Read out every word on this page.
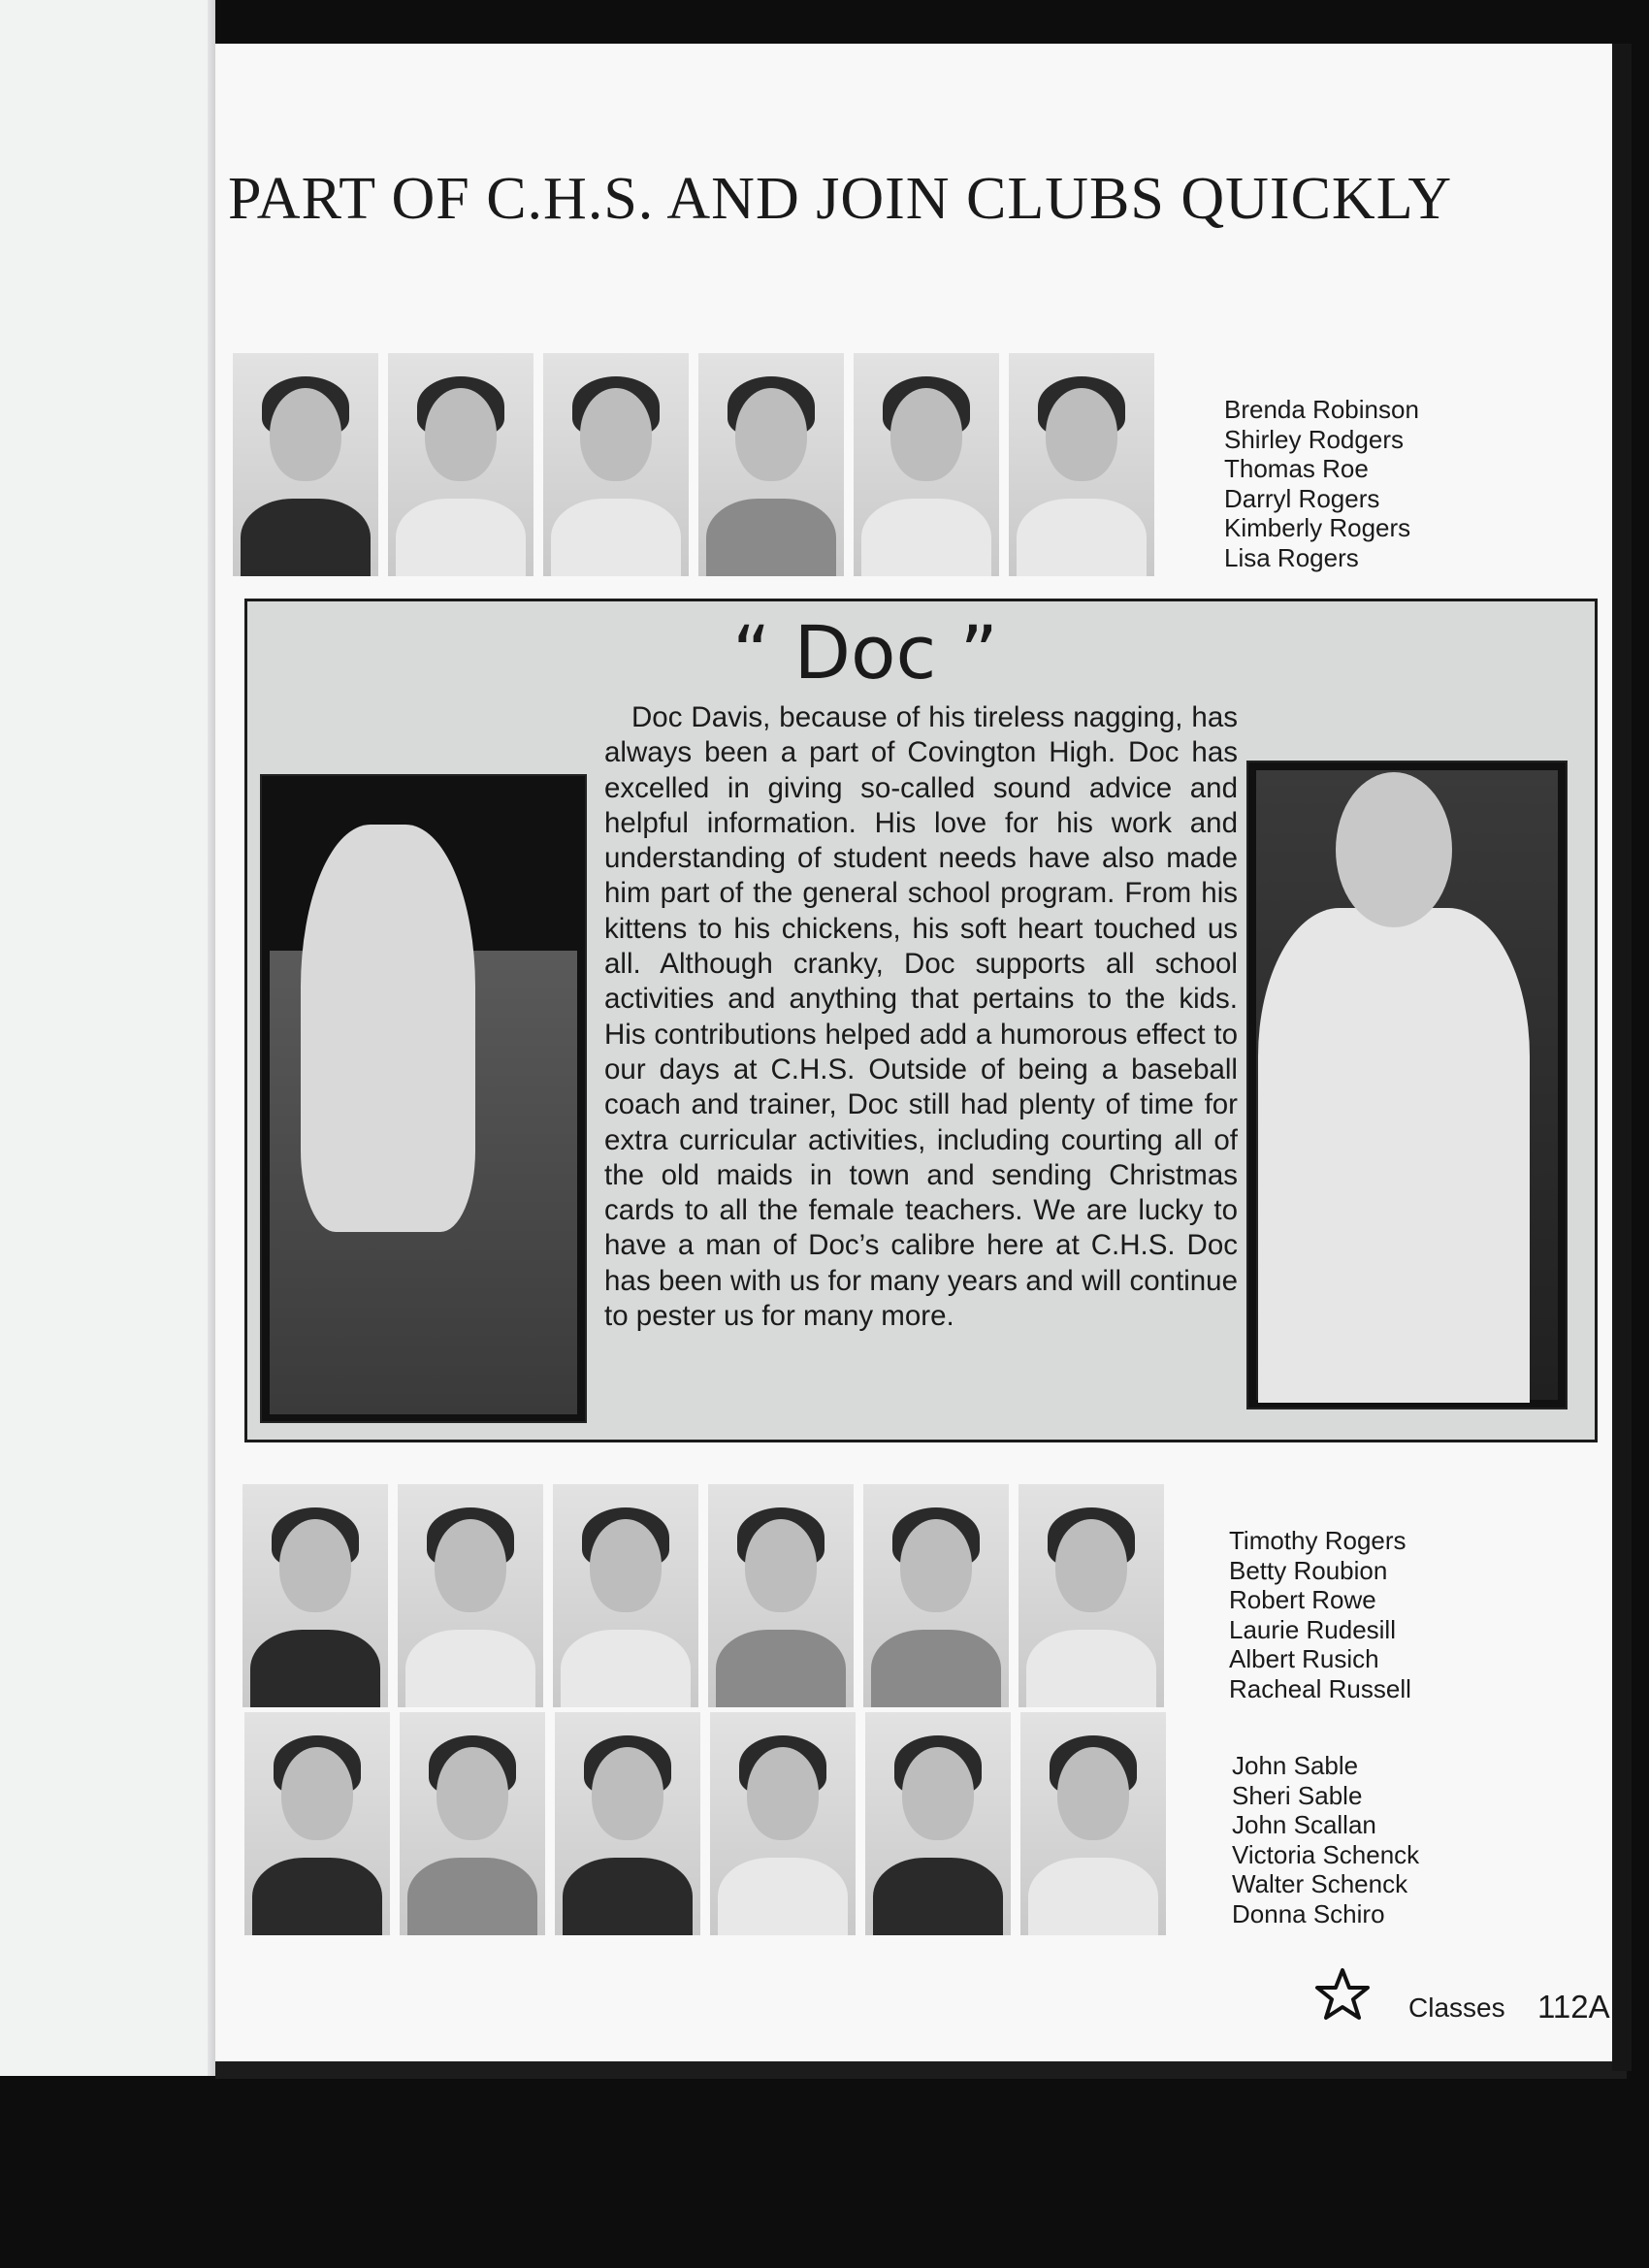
PART OF C.H.S. AND JOIN CLUBS QUICKLY
Brenda Robinson
Shirley Rodgers
Thomas Roe
Darryl Rogers
Kimberly Rogers
Lisa Rogers
“ Doc ”
Doc Davis, because of his tireless nagging, has always been a part of Covington High. Doc has excelled in giving so-called sound advice and helpful information. His love for his work and understanding of student needs have also made him part of the general school program. From his kittens to his chickens, his soft heart touched us all. Although cranky, Doc supports all school activities and anything that pertains to the kids. His contributions helped add a humorous effect to our days at C.H.S. Outside of being a baseball coach and trainer, Doc still had plenty of time for extra curricular activities, including courting all of the old maids in town and sending Christmas cards to all the female teachers. We are lucky to have a man of Doc’s calibre here at C.H.S. Doc has been with us for many years and will continue to pester us for many more.
Timothy Rogers
Betty Roubion
Robert Rowe
Laurie Rudesill
Albert Rusich
Racheal Russell
John Sable
Sheri Sable
John Scallan
Victoria Schenck
Walter Schenck
Donna Schiro
Classes 112A
